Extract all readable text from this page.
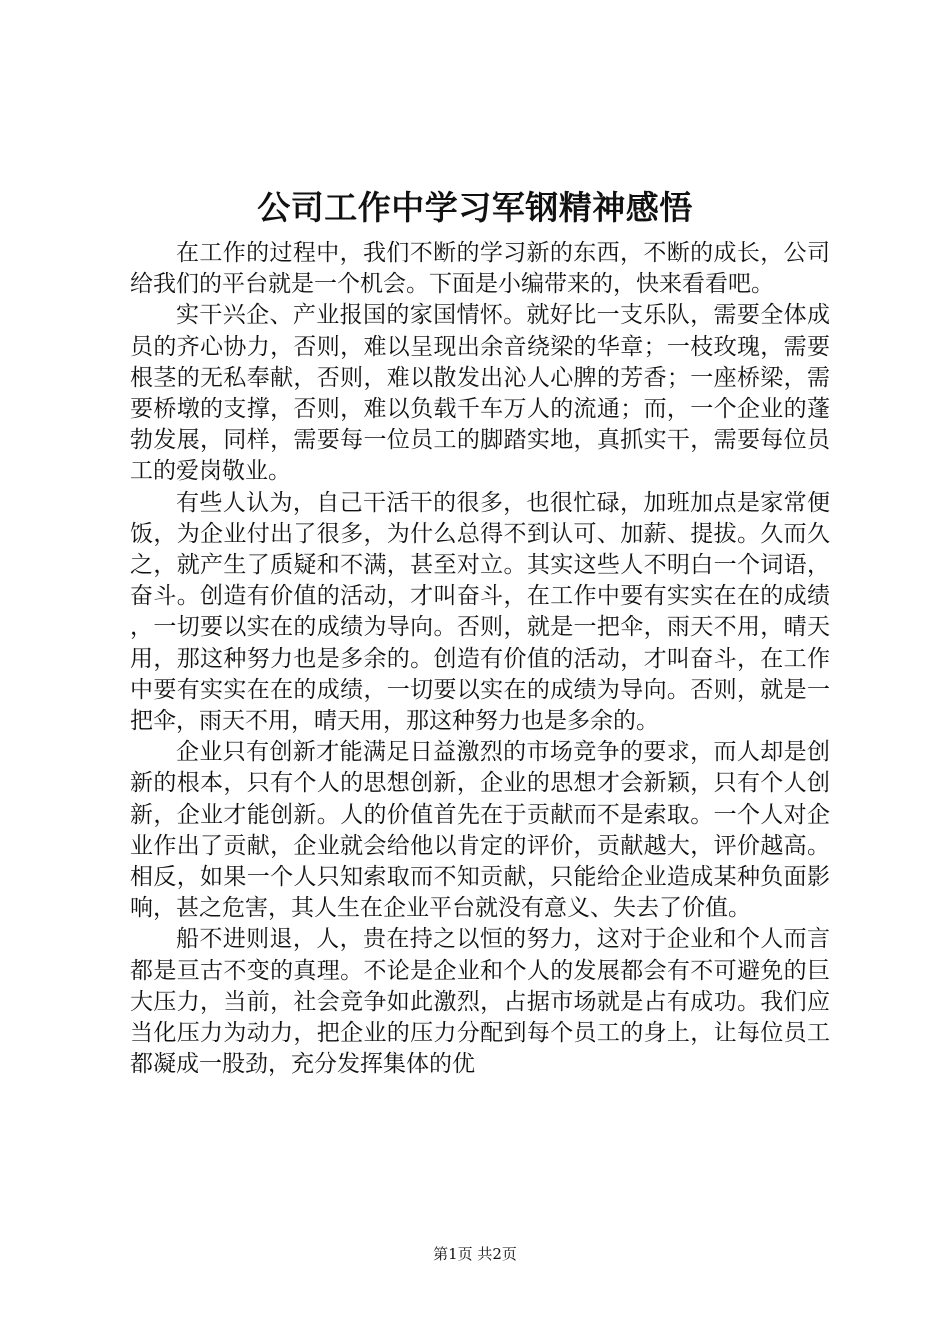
公司工作中学习军钢精神感悟

在工作的过程中，我们不断的学习新的东西，不断的成长，公司给我们的平台就是一个机会。下面是小编带来的，快来看看吧。

实干兴企、产业报国的家国情怀。就好比一支乐队，需要全体成员的齐心协力，否则，难以呈现出余音绕梁的华章；一枝玫瑰，需要根茎的无私奉献，否则，难以散发出沁人心脾的芳香；一座桥梁，需要桥墩的支撑，否则，难以负载千车万人的流通；而，一个企业的蓬勃发展，同样，需要每一位员工的脚踏实地，真抓实干，需要每位员工的爱岗敬业。

有些人认为，自己干活干的很多，也很忙碌，加班加点是家常便饭，为企业付出了很多，为什么总得不到认可、加薪、提拔。久而久之，就产生了质疑和不满，甚至对立。其实这些人不明白一个词语，奋斗。创造有价值的活动，才叫奋斗，在工作中要有实实在在的成绩，一切要以实在的成绩为导向。否则，就是一把伞，雨天不用，晴天用，那这种努力也是多余的。创造有价值的活动，才叫奋斗，在工作中要有实实在在的成绩，一切要以实在的成绩为导向。否则，就是一把伞，雨天不用，晴天用，那这种努力也是多余的。

企业只有创新才能满足日益激烈的市场竞争的要求，而人却是创新的根本，只有个人的思想创新，企业的思想才会新颖，只有个人创新，企业才能创新。人的价值首先在于贡献而不是索取。一个人对企业作出了贡献，企业就会给他以肯定的评价，贡献越大，评价越高。相反，如果一个人只知索取而不知贡献，只能给企业造成某种负面影响，甚之危害，其人生在企业平台就没有意义、失去了价值。

船不进则退，人，贵在持之以恒的努力，这对于企业和个人而言都是亘古不变的真理。不论是企业和个人的发展都会有不可避免的巨大压力，当前，社会竞争如此激烈，占据市场就是占有成功。我们应当化压力为动力，把企业的压力分配到每个员工的身上，让每位员工都凝成一股劲，充分发挥集体的优

第1页 共2页
